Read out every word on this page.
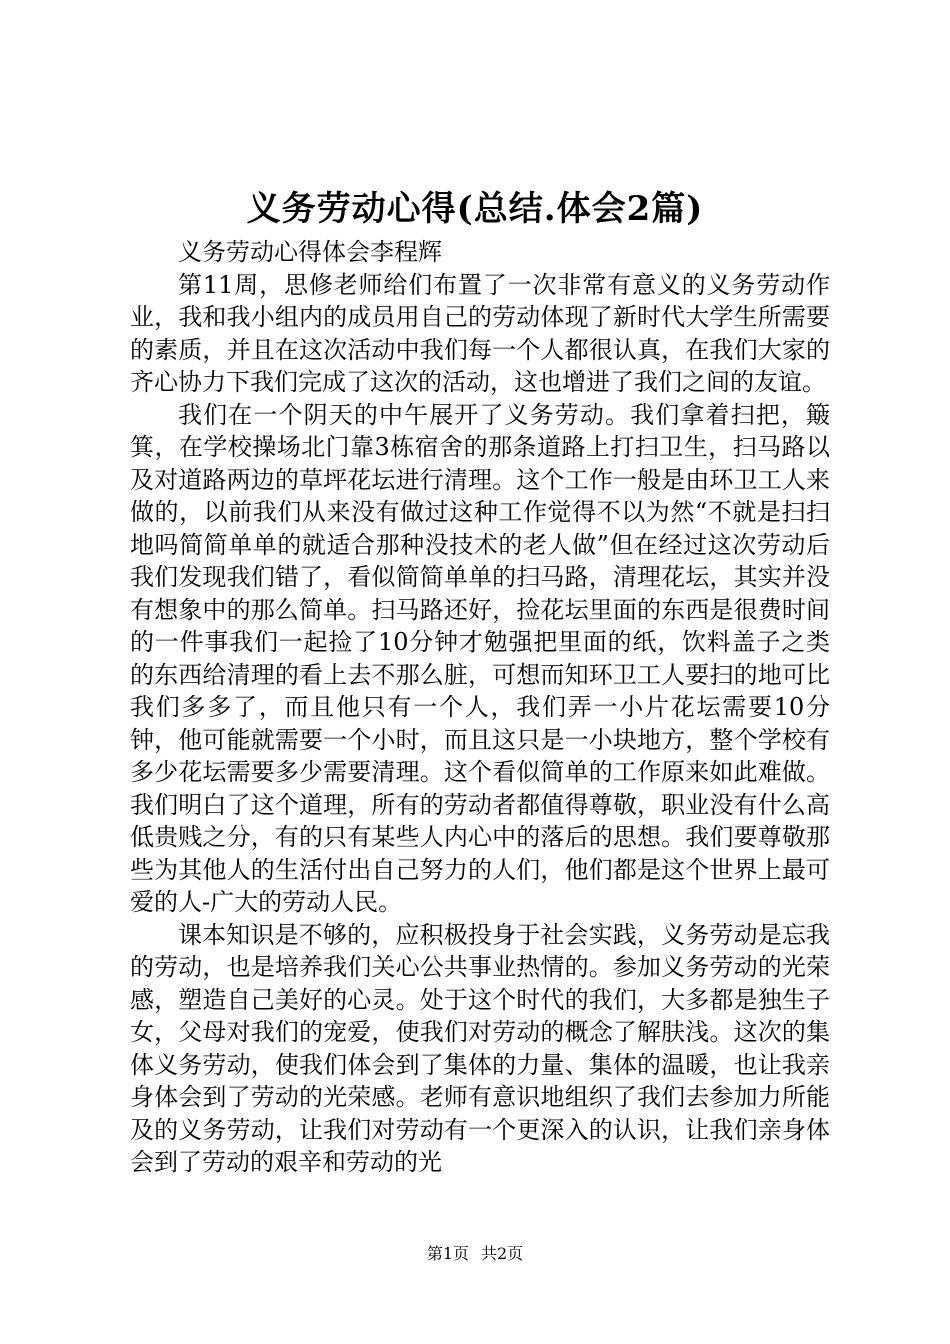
义务劳动心得(总结.体会2篇)

义务劳动心得体会李程辉

第11周，思修老师给们布置了一次非常有意义的义务劳动作业，我和我小组内的成员用自己的劳动体现了新时代大学生所需要的素质，并且在这次活动中我们每一个人都很认真，在我们大家的齐心协力下我们完成了这次的活动，这也增进了我们之间的友谊。

我们在一个阴天的中午展开了义务劳动。我们拿着扫把，簸箕，在学校操场北门靠3栋宿舍的那条道路上打扫卫生，扫马路以及对道路两边的草坪花坛进行清理。这个工作一般是由环卫工人来做的，以前我们从来没有做过这种工作觉得不以为然“不就是扫扫地吗简简单单的就适合那种没技术的老人做”但在经过这次劳动后我们发现我们错了，看似简简单单的扫马路，清理花坛，其实并没有想象中的那么简单。扫马路还好，捡花坛里面的东西是很费时间的一件事我们一起捡了10分钟才勉强把里面的纸，饮料盖子之类的东西给清理的看上去不那么脏，可想而知环卫工人要扫的地可比我们多多了，而且他只有一个人，我们弄一小片花坛需要10分钟，他可能就需要一个小时，而且这只是一小块地方，整个学校有多少花坛需要多少需要清理。这个看似简单的工作原来如此难做。我们明白了这个道理，所有的劳动者都值得尊敬，职业没有什么高低贵贱之分，有的只有某些人内心中的落后的思想。我们要尊敬那些为其他人的生活付出自己努力的人们，他们都是这个世界上最可爱的人-广大的劳动人民。

课本知识是不够的，应积极投身于社会实践，义务劳动是忘我的劳动，也是培养我们关心公共事业热情的。参加义务劳动的光荣感，塑造自己美好的心灵。处于这个时代的我们，大多都是独生子女，父母对我们的宠爱，使我们对劳动的概念了解肤浅。这次的集体义务劳动，使我们体会到了集体的力量、集体的温暖，也让我亲身体会到了劳动的光荣感。老师有意识地组织了我们去参加力所能及的义务劳动，让我们对劳动有一个更深入的认识，让我们亲身体会到了劳动的艰辛和劳动的光

第1页 共2页
